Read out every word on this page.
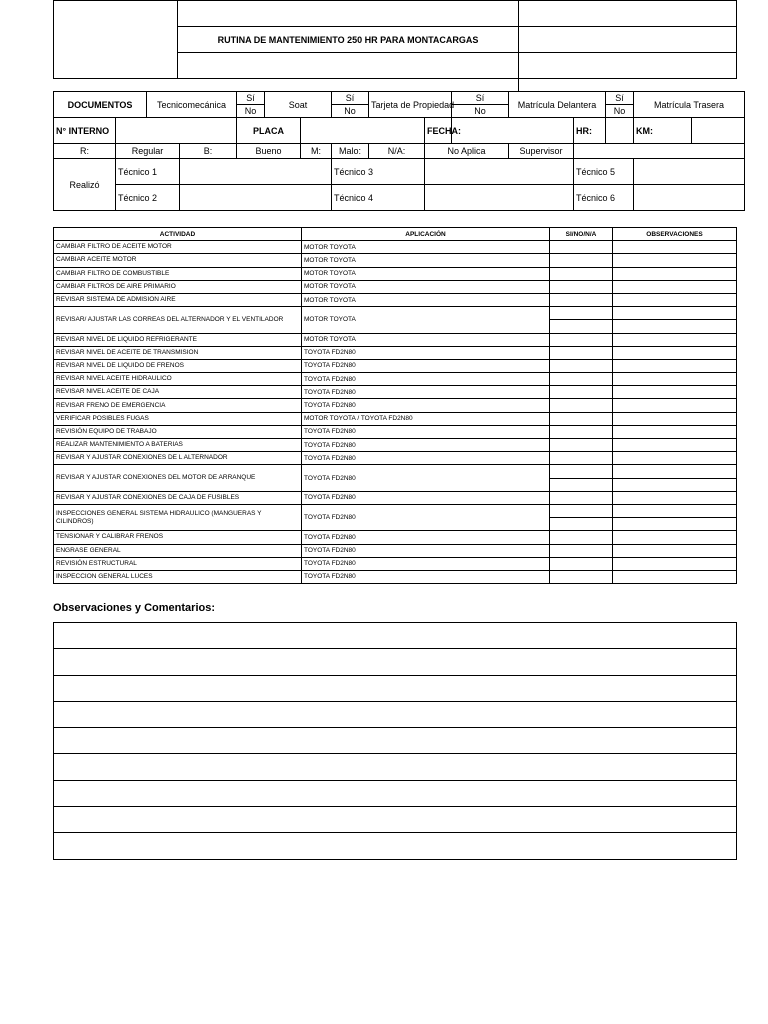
	RUTINA DE MANTENIMIENTO 250 HR PARA MONTACARGAS	

DOCUMENTOS		Tecnicomecánica		Sí	Soat		Sí	Tarjeta de Propiedad		Sí	Matrícula Delantera		Sí	Matrícula Trasera	
				No			No			No			No	
N° INTERNO				PLACA					FECHA:			HR:		KM:		
R:	Regular		B:	Bueno		M:	Malo:	N/A:	No Aplica		Supervisor					
Realizó	Técnico 1						Técnico 3					Técnico 5				
	Técnico 2						Técnico 4					Técnico 6				
ACTIVIDAD	APLICACIÓN	SI/NO/N/A	OBSERVACIONES
CAMBIAR FILTRO DE ACEITE MOTOR	MOTOR TOYOTA		
CAMBIAR ACEITE MOTOR	MOTOR TOYOTA		
CAMBIAR FILTRO DE COMBUSTIBLE	MOTOR TOYOTA		
CAMBIAR FILTROS DE AIRE PRIMARIO	MOTOR TOYOTA		
REVISAR SISTEMA DE ADMISION AIRE	MOTOR TOYOTA		
REVISAR/ AJUSTAR LAS CORREAS DEL ALTERNADOR Y EL VENTILADOR	MOTOR TOYOTA		

REVISAR NIVEL DE LIQUIDO REFRIGERANTE	MOTOR TOYOTA		
REVISAR NIVEL DE ACEITE DE TRANSMISION	TOYOTA FD2N80		
REVISAR NIVEL DE LIQUIDO DE FRENOS	TOYOTA FD2N80		
REVISAR NIVEL ACEITE HIDRAULICO	TOYOTA FD2N80		
REVISAR NIVEL ACEITE DE CAJA	TOYOTA FD2N80		
REVISAR FRENO DE EMERGENCIA	TOYOTA FD2N80		
VERIFICAR POSIBLES FUGAS	MOTOR TOYOTA / TOYOTA FD2N80		
REVISIÓN EQUIPO DE TRABAJO	TOYOTA FD2N80		
REALIZAR MANTENIMIENTO A BATERIAS	TOYOTA FD2N80		
REVISAR Y AJUSTAR CONEXIONES DE L ALTERNADOR	TOYOTA FD2N80		
REVISAR Y AJUSTAR CONEXIONES DEL MOTOR DE ARRANQUE	TOYOTA FD2N80		

REVISAR Y AJUSTAR CONEXIONES DE CAJA DE FUSIBLES	TOYOTA FD2N80		
INSPECCIONES GENERAL SISTEMA HIDRAULICO (MANGUERAS Y CILINDROS)	TOYOTA FD2N80		

TENSIONAR Y CALIBRAR FRENOS	TOYOTA FD2N80		
ENGRASE GENERAL	TOYOTA FD2N80		
REVISIÓN ESTRUCTURAL	TOYOTA FD2N80		
INSPECCION GENERAL LUCES	TOYOTA FD2N80		
Observaciones y Comentarios:
